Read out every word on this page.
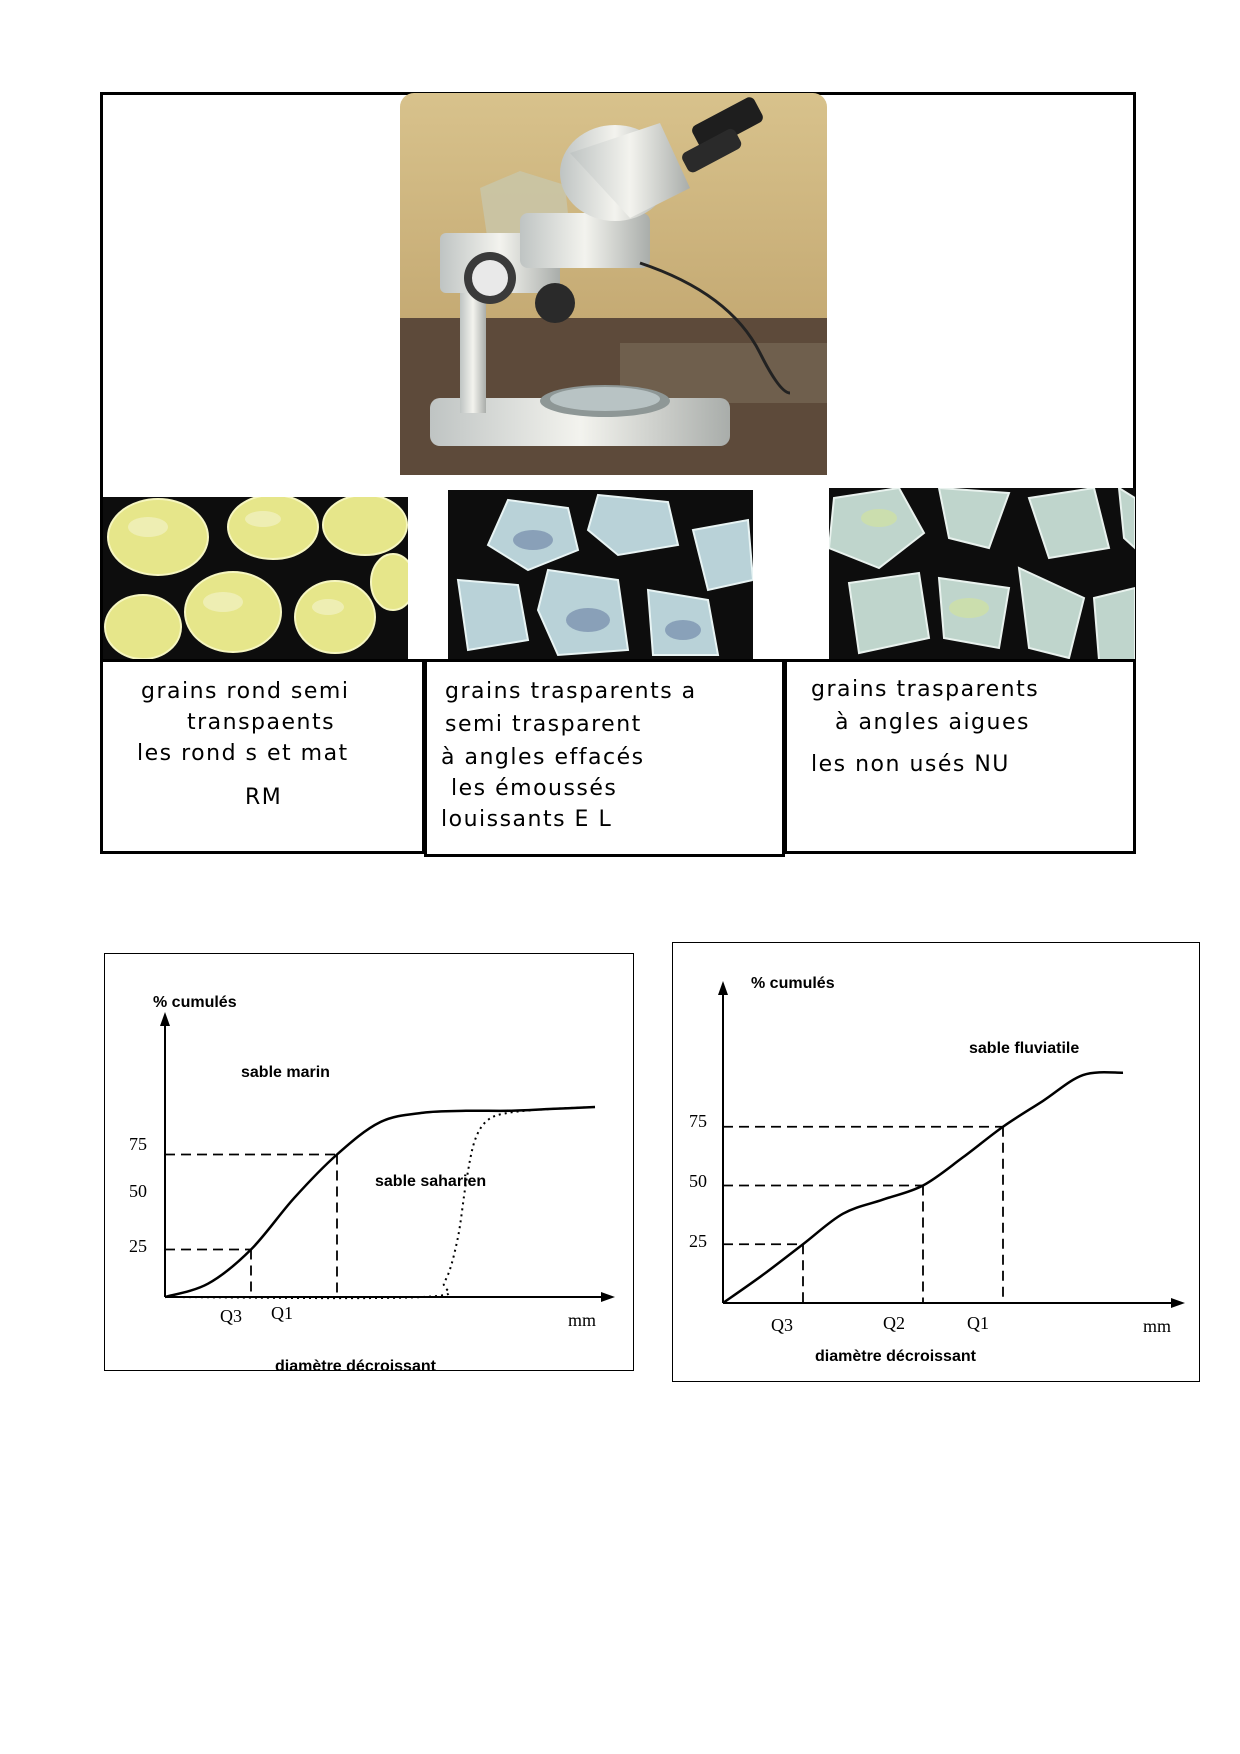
grains rond semi
transpaents
les rond s et mat
RM
grains trasparents a
semi trasparent
à angles effacés
les émoussés
louissants E L
grains trasparents
à angles aigues
les non usés NU
% cumulés
diamètre décroissant
mm
75
50
25
Q3 Q1
sable marin
sable saharien
% cumulés
diamètre décroissant
mm
75
50
25
Q3	Q2	Q1
sable fluviatile
